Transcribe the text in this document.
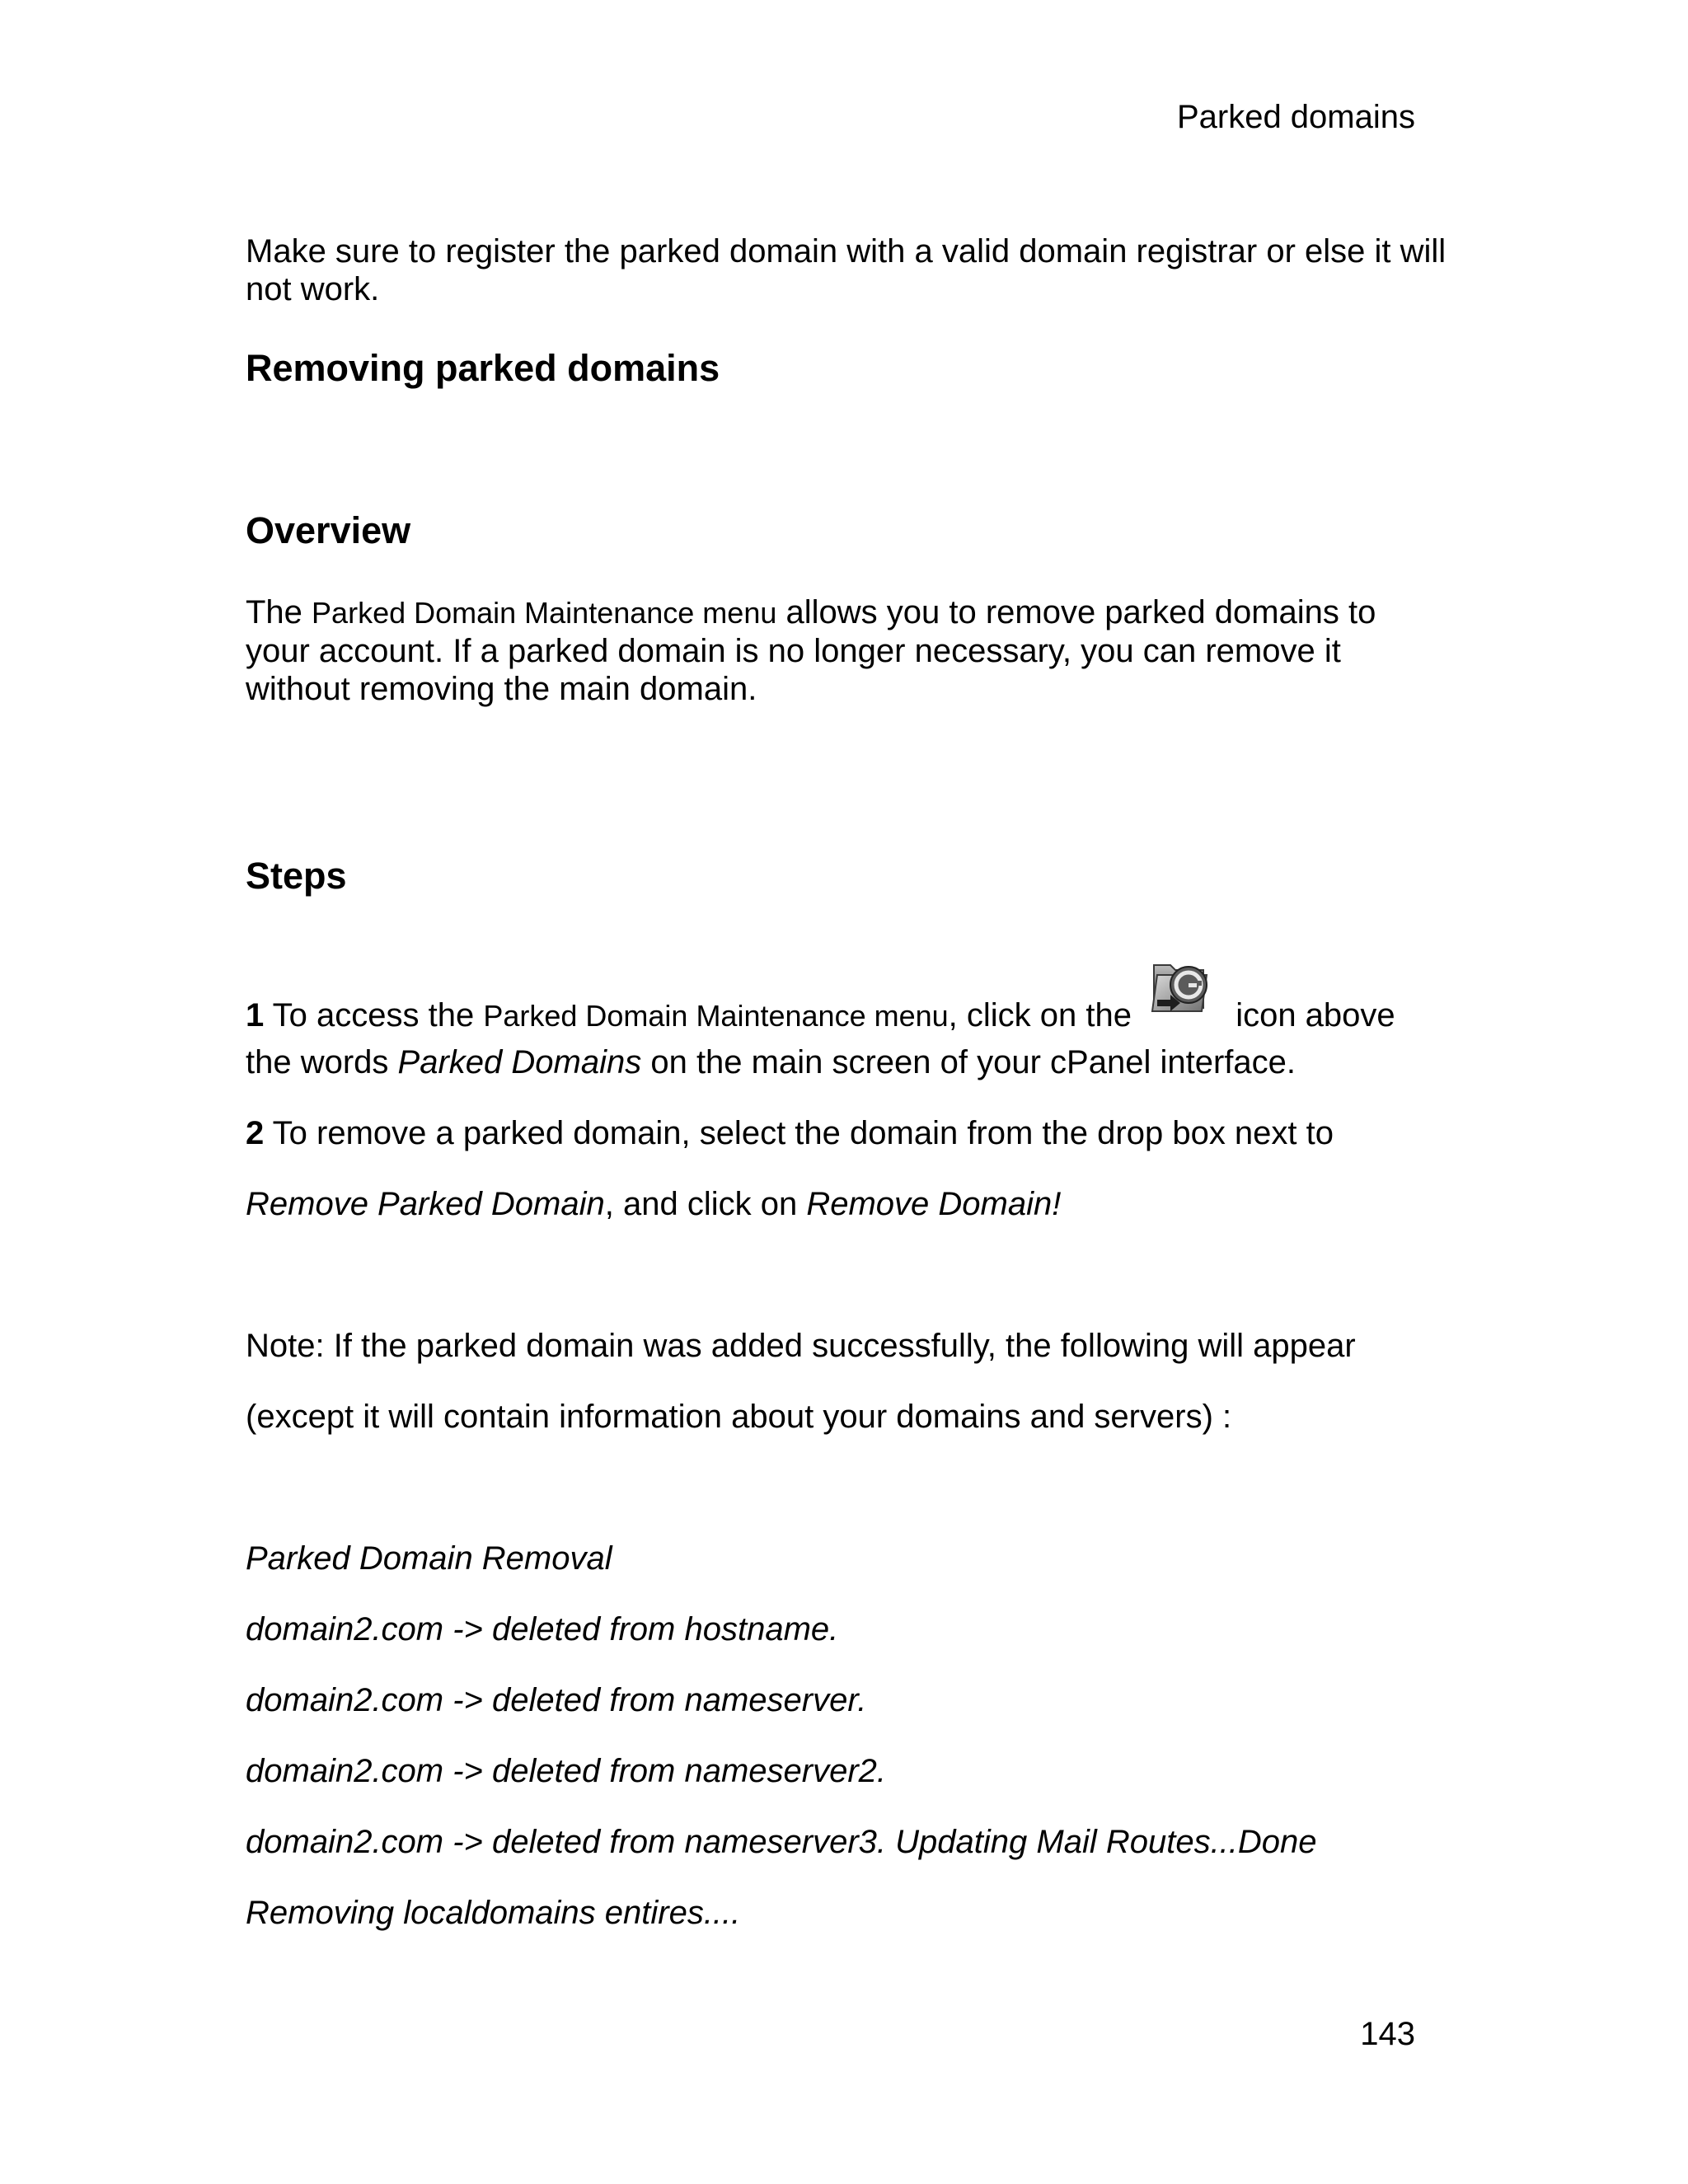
Parked domains
Make sure to register the parked domain with a valid domain registrar or else it will not work.
Removing parked domains
Overview
The Parked Domain Maintenance menu allows you to remove parked domains to your account. If a parked domain is no longer necessary, you can remove it without removing the main domain.
Steps
1 To access the Parked Domain Maintenance menu, click on the	icon above
the words Parked Domains on the main screen of your cPanel interface.
2 To remove a parked domain, select the domain from the drop box next to
Remove Parked Domain, and click on Remove Domain!
Note: If the parked domain was added successfully, the following will appear
(except it will contain information about your domains and servers) :
Parked Domain Removal
domain2.com -> deleted from hostname.
domain2.com -> deleted from nameserver.
domain2.com -> deleted from nameserver2.
domain2.com -> deleted from nameserver3. Updating Mail Routes...Done
Removing localdomains entires....
143
